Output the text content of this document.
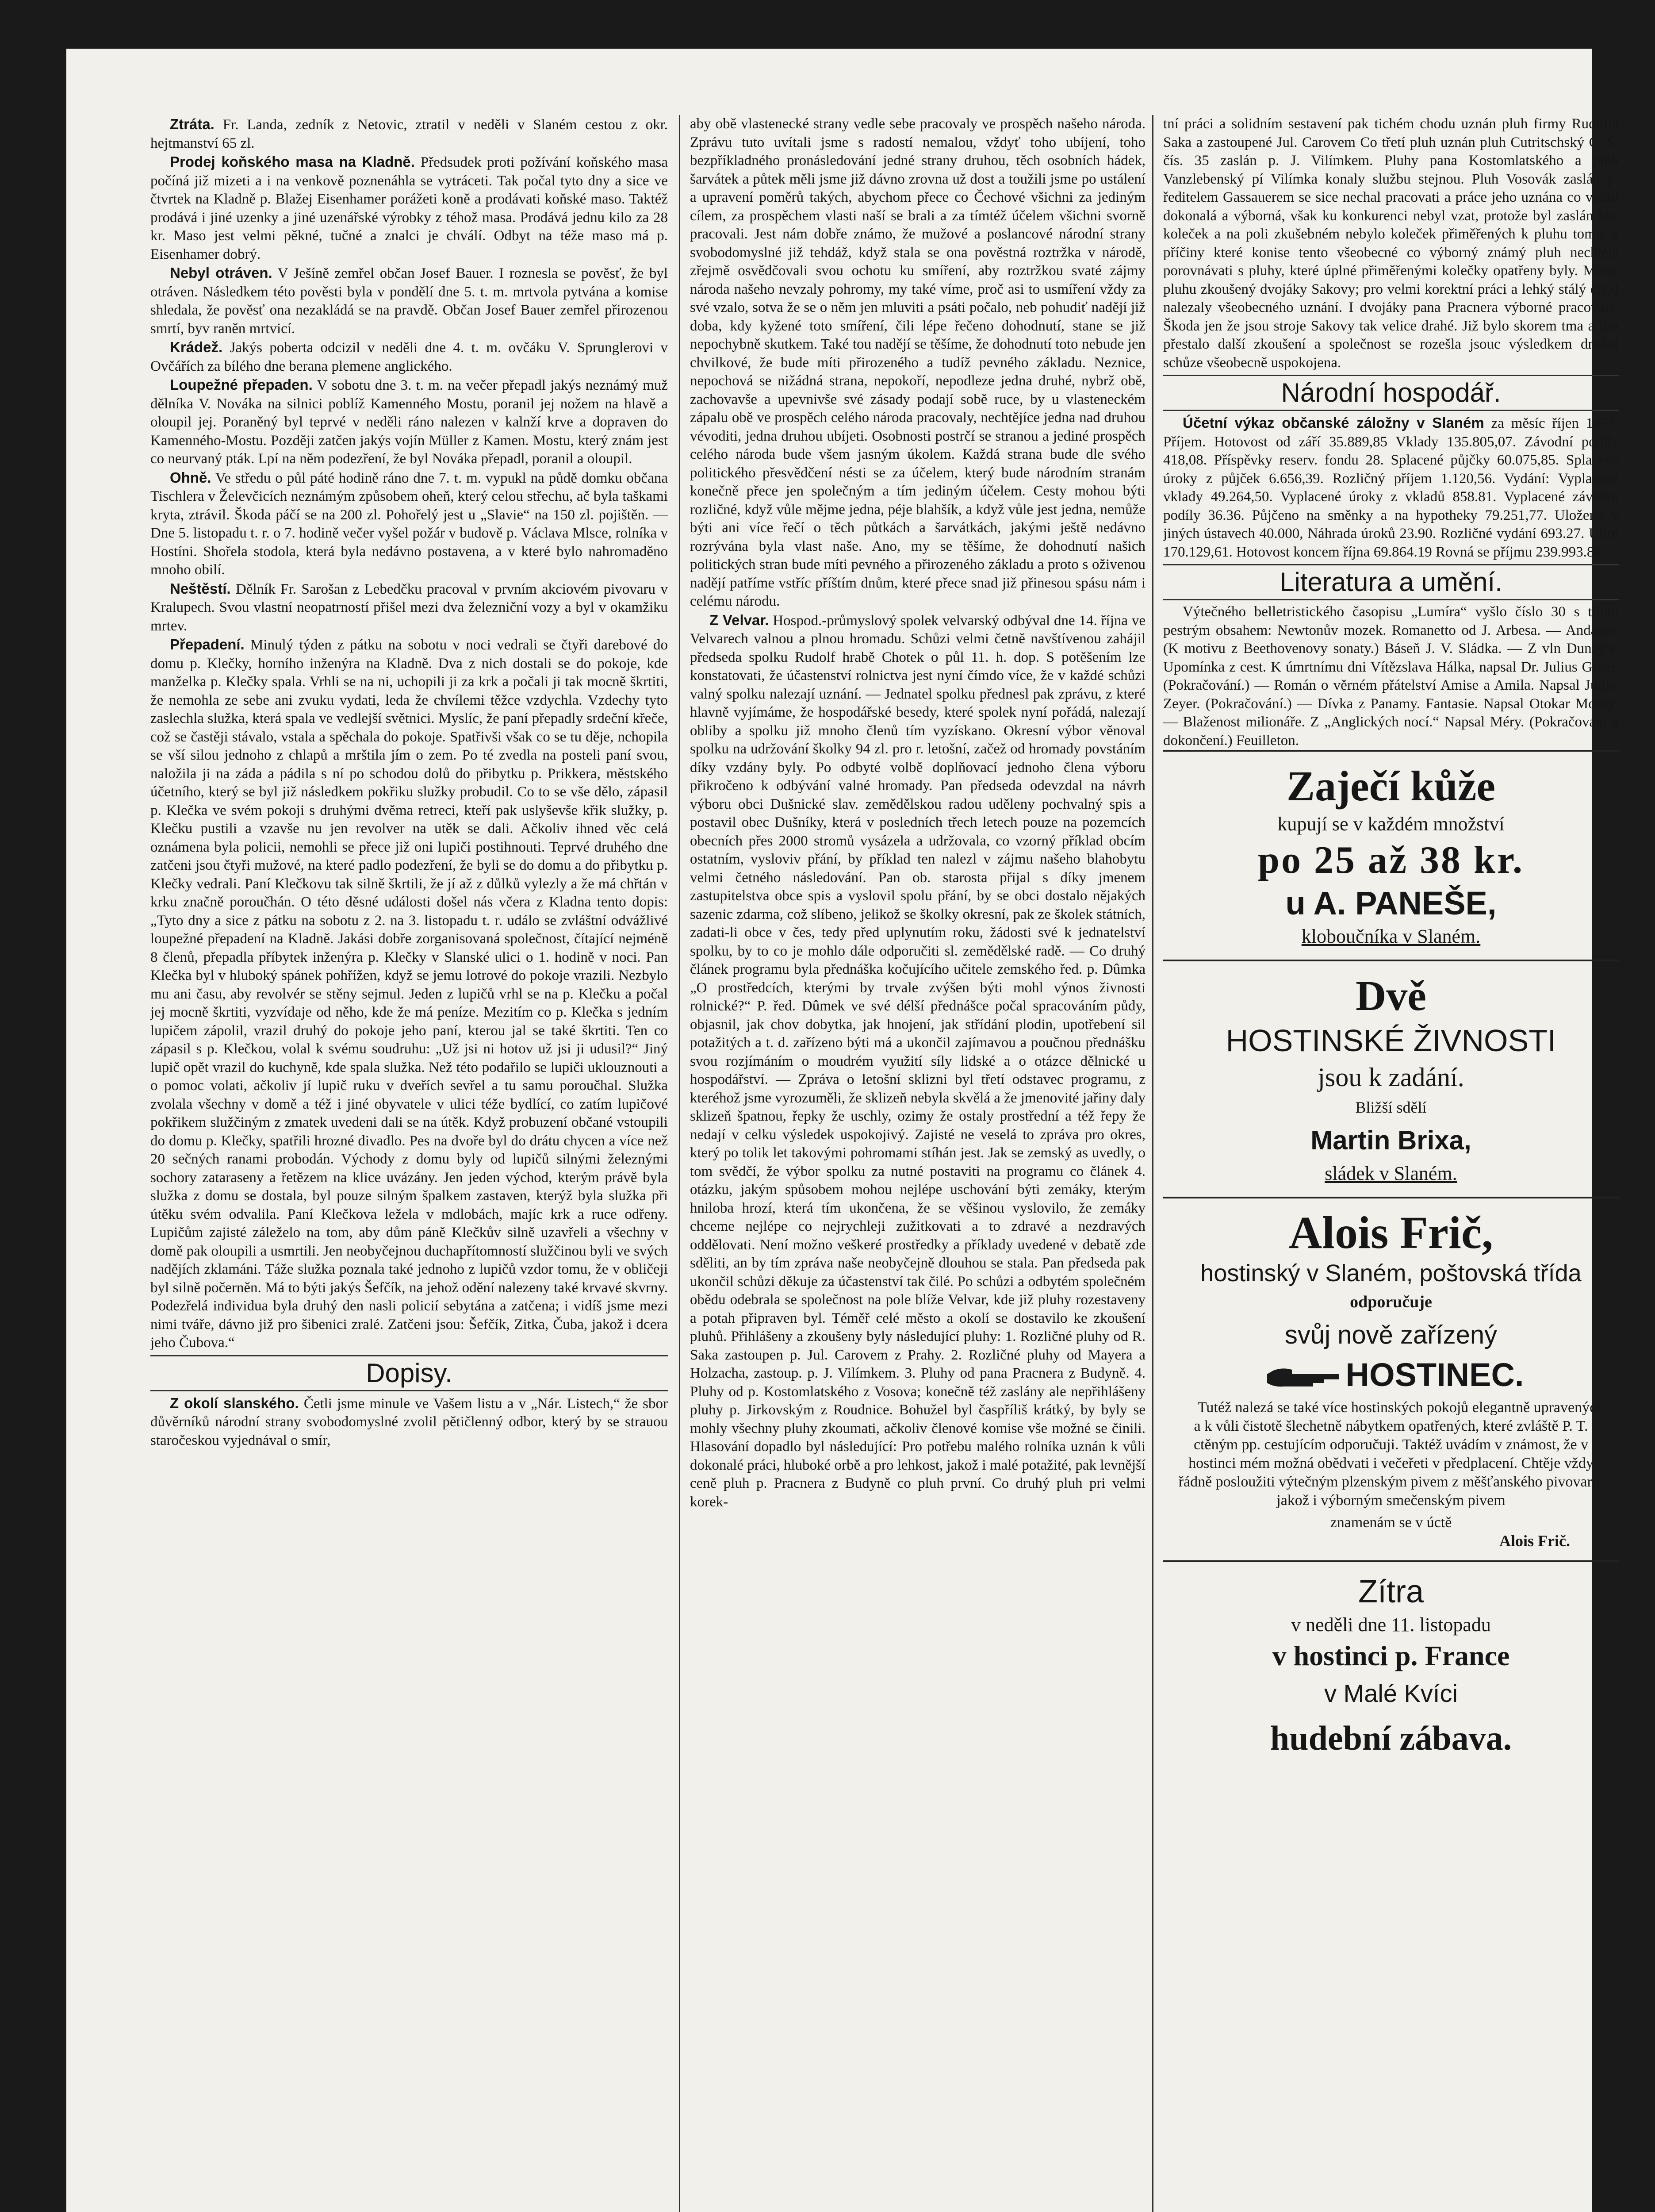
Ztráta. Fr. Landa, zedník z Netovic, ztratil v neděli v Slaném cestou z okr. hejtmanství 65 zl.

Prodej koňského masa na Kladně. Předsudek proti požívání koňského masa počíná již mizeti a i na venkově poznenáhla se vytráceti. Tak počal tyto dny a sice ve čtvrtek na Kladně p. Blažej Eisenhamer porážeti koně a prodávati koňské maso. Taktéž prodává i jiné uzenky a jiné uzenářské výrobky z téhož masa. Prodává jednu kilo za 28 kr. Maso jest velmi pěkné, tučné a znalci je chválí. Odbyt na téže maso má p. Eisenhamer dobrý.

Nebyl otráven. V Ješíně zemřel občan Josef Bauer. I roznesla se pověsť, že byl otráven. Následkem této pověsti byla v pondělí dne 5. t. m. mrtvola pytvána a komise shledala, že pověsť ona nezakládá se na pravdě. Občan Josef Bauer zemřel přirozenou smrtí, byv raněn mrtvicí.

Krádež. Jakýs poberta odcizil v neděli dne 4. t. m. ovčáku V. Sprunglerovi v Ovčářích za bílého dne berana plemene anglického.

Loupežné přepaden. V sobotu dne 3. t. m. na večer přepadl jakýs neznámý muž dělníka V. Nováka na silnici poblíž Kamenného Mostu, poranil jej nožem na hlavě a oloupil jej. Poraněný byl teprvé v neděli ráno nalezen v kalnží krve a dopraven do Kamenného-Mostu. Později zatčen jakýs vojín Müller z Kamen. Mostu, který znám jest co neurvaný pták. Lpí na něm podezření, že byl Nováka přepadl, poranil a oloupil.

Ohně. Ve středu o půl páté hodině ráno dne 7. t. m. vypukl na půdě domku občana Tischlera v Želevčicích neznámým způsobem oheň, který celou střechu, ač byla taškami kryta, ztrávil. Škoda páčí se na 200 zl. Pohořelý jest u „Slavie“ na 150 zl. pojištěn. — Dne 5. listopadu t. r. o 7. hodině večer vyšel požár v budově p. Václava Mlsce, rolníka v Hostíni. Shořela stodola, která byla nedávno postavena, a v které bylo nahromaděno mnoho obilí.

Neštěstí. Dělník Fr. Sarošan z Lebedčku pracoval v prvním akciovém pivovaru v Kralupech. Svou vlastní neopatrností přišel mezi dva železniční vozy a byl v okamžiku mrtev.

Přepadení. Minulý týden z pátku na sobotu v noci vedrali se čtyři darebové do domu p. Klečky, horního inženýra na Kladně. Dva z nich dostali se do pokoje, kde manželka p. Klečky spala. Vrhli se na ni, uchopili ji za krk a počali ji tak mocně škrtiti, že nemohla ze sebe ani zvuku vydati, leda že chvílemi těžce vzdychla. Vzdechy tyto zaslechla služka, která spala ve vedlejší světnici. Myslíc, že paní přepadly srdeční křeče, což se častěji stávalo, vstala a spěchala do pokoje. Spatřivši však co se tu děje, nchopila se vší silou jednoho z chlapů a mrštila jím o zem. Po té zvedla na posteli paní svou, naložila ji na záda a pádila s ní po schodou dolů do přibytku p. Prikkera, městského účetního, který se byl již následkem pokřiku služky probudil. Co to se vše dělo, zápasil p. Klečka ve svém pokoji s druhými dvěma retreci, kteří pak uslyševše křik služky, p. Klečku pustili a vzavše nu jen revolver na utěk se dali. Ačkoliv ihned věc celá oznámena byla policii, nemohli se přece již oni lupiči postihnouti. Teprvé druhého dne zatčeni jsou čtyři mužové, na které padlo podezření, že byli se do domu a do přibytku p. Klečky vedrali. Paní Klečkovu tak silně škrtili, že jí až z důlků vylezly a že má chřtán v krku značně poroučhán. O této děsné události došel nás včera z Kladna tento dopis: „Tyto dny a sice z pátku na sobotu z 2. na 3. listopadu t. r. událo se zvláštní odvážlivé loupežné přepadení na Kladně. Jakási dobře zorganisovaná společnost, čítající nejméně 8 členů, přepadla příbytek inženýra p. Klečky v Slanské ulici o 1. hodině v noci. Pan Klečka byl v hluboký spánek pohřížen, když se jemu lotrové do pokoje vrazili. Nezbylo mu ani času, aby revolvér se stěny sejmul. Jeden z lupičů vrhl se na p. Klečku a počal jej mocně škrtiti, vyzvídaje od něho, kde že má peníze. Mezitím co p. Klečka s jedním lupičem zápolil, vrazil druhý do pokoje jeho paní, kterou jal se také škrtiti. Ten co zápasil s p. Klečkou, volal k svému soudruhu: „Už jsi ni hotov už jsi ji udusil?“ Jiný lupič opět vrazil do kuchyně, kde spala služka. Než této podařilo se lupiči uklouznouti a o pomoc volati, ačkoliv jí lupič ruku v dveřích sevřel a tu samu poroučhal. Služka zvolala všechny v domě a též i jiné obyvatele v ulici téže bydlící, co zatím lupičové pokřikem služčiným z zmatek uvedeni dali se na útěk. Když probuzení občané vstoupili do domu p. Klečky, spatřili hrozné divadlo. Pes na dvoře byl do drátu chycen a více než 20 sečných ranami probodán. Východy z domu byly od lupičů silnými železnými sochory zataraseny a řetězem na klice uvázány. Jen jeden východ, kterým právě byla služka z domu se dostala, byl pouze silným špalkem zastaven, kterýž byla služka při útěku svém odvalila. Paní Klečkova ležela v mdlobách, majíc krk a ruce odřeny. Lupičům zajisté záleželo na tom, aby dům páně Klečkův silně uzavřeli a všechny v domě pak oloupili a usmrtili. Jen neobyčejnou duchapřítomností služčinou byli ve svých nadějích zklamáni. Táže služka poznala také jednoho z lupičů vzdor tomu, že v obličeji byl silně počerněn. Má to býti jakýs Šefčík, na jehož odění nalezeny také krvavé skvrny. Podezřelá individua byla druhý den nasli policií sebytána a zatčena; i vidíš jsme mezi nimi tváře, dávno již pro šibenici zralé. Zatčeni jsou: Šefčík, Zitka, Čuba, jakož i dcera jeho Čubova.“

Dopisy.

Z okolí slanského. Četli jsme minule ve Vašem listu a v „Nár. Listech,“ že sbor důvěrníků národní strany svobodomyslné zvolil pětičlenný odbor, který by se strauou staročeskou vyjednával o smír,

aby obě vlastenecké strany vedle sebe pracovaly ve prospěch našeho národa. Zprávu tuto uvítali jsme s radostí nemalou, vždyť toho ubíjení, toho bezpříkladného pronásledování jedné strany druhou, těch osobních hádek, šarvátek a půtek měli jsme již dávno zrovna už dost a toužili jsme po ustálení a upravení poměrů takých, abychom přece co Čechové všichni za jediným cílem, za prospěchem vlasti naší se brali a za tímtéž účelem všichni svorně pracovali. Jest nám dobře známo, že mužové a poslancové národní strany svobodomyslné již tehdáž, když stala se ona pověstná roztržka v národě, zřejmě osvědčovali svou ochotu ku smíření, aby roztržkou svaté zájmy národa našeho nevzaly pohromy, my také víme, proč asi to usmíření vždy za své vzalo, sotva že se o něm jen mluviti a psáti počalo, neb pohudiť nadějí již doba, kdy kyžené toto smíření, čili lépe řečeno dohodnutí, stane se již nepochybně skutkem. Také tou nadějí se těšíme, že dohodnutí toto nebude jen chvilkové, že bude míti přirozeného a tudíž pevného základu. Neznice, nepochová se nižádná strana, nepokoří, nepodleze jedna druhé, nybrž obě, zachovavše a upevnivše své zásady podají sobě ruce, by u vlasteneckém zápalu obě ve prospěch celého národa pracovaly, nechtějíce jedna nad druhou vévoditi, jedna druhou ubíjeti. Osobnosti postrčí se stranou a jediné prospěch celého národa bude všem jasným úkolem. Každá strana bude dle svého politického přesvědčení nésti se za účelem, který bude národním stranám konečně přece jen společným a tím jediným účelem. Cesty mohou býti rozličné, když vůle mějme jedna, péje blahšík, a když vůle jest jedna, nemůže býti ani více řečí o těch půtkách a šarvátkách, jakými ještě nedávno rozrývána byla vlast naše. Ano, my se těšíme, že dohodnutí našich politických stran bude míti pevného a přirozeného základu a proto s oživenou nadějí patříme vstříc příštím dnům, které přece snad již přinesou spásu nám i celému národu.

Z Velvar. Hospod.-průmyslový spolek velvarský odbýval dne 14. října ve Velvarech valnou a plnou hromadu. Schůzi velmi četně navštívenou zahájil předseda spolku Rudolf hrabě Chotek o půl 11. h. dop. S potěšením lze konstatovati, že účastenství rolnictva jest nyní čímdo více, že v každé schůzi valný spolku nalezají uznání. — Jednatel spolku přednesl pak zprávu, z které hlavně vyjímáme, že hospodářské besedy, které spolek nyní pořádá, nalezají obliby a spolku již mnoho členů tím vyzískano. Okresní výbor věnoval spolku na udržování školky 94 zl. pro r. letošní, začež od hromady povstáním díky vzdány byly. Po odbyté volbě doplňovací jednoho člena výboru přikročeno k odbývání valné hromady. Pan předseda odevzdal na návrh výboru obci Dušnické slav. zemědělskou radou uděleny pochvalný spis a postavil obec Dušníky, která v posledních třech letech pouze na pozemcích obecních přes 2000 stromů vysázela a udržovala, co vzorný příklad obcím ostatním, vysloviv přání, by příklad ten nalezl v zájmu našeho blahobytu velmi četného následování. Pan ob. starosta přijal s díky jmenem zastupitelstva obce spis a vyslovil spolu přání, by se obci dostalo nějakých sazenic zdarma, což slíbeno, jelikož se školky okresní, pak ze školek státních, zadati-li obce v čes, tedy před uplynutím roku, žádosti své k jednatelství spolku, by to co je mohlo dále odporučiti sl. zemědělské radě. — Co druhý článek programu byla přednáška kočujícího učitele zemského řed. p. Dûmka „O prostředcích, kterými by trvale zvýšen býti mohl výnos živnosti rolnické?“ P. řed. Dûmek ve své délší přednášce počal spracováním půdy, objasnil, jak chov dobytka, jak hnojení, jak střídání plodin, upotřebení sil potažitých a t. d. zařízeno býti má a ukončil zajímavou a poučnou přednášku svou rozjímáním o moudrém využití síly lidské a o otázce dělnické u hospodářství. — Zpráva o letošní sklizni byl třetí odstavec programu, z kteréhož jsme vyrozuměli, že sklizeň nebyla skvělá a že jmenovité jařiny daly sklizeň špatnou, řepky že uschly, ozimy že ostaly prostřední a též řepy že nedají v celku výsledek uspokojivý. Zajisté ne veselá to zpráva pro okres, který po tolik let takovými pohromami stíhán jest. Jak se zemský as uvedly, o tom svědčí, že výbor spolku za nutné postaviti na programu co článek 4. otázku, jakým spůsobem mohou nejlépe uschování býti zemáky, kterým hniloba hrozí, která tím ukončena, že se věšinou vyslovilo, že zemáky chceme nejlépe co nejrychleji zužitkovati a to zdravé a nezdravých oddělovati. Není možno veškeré prostředky a příklady uvedené v debatě zde sděliti, an by tím zpráva naše neobyčejně dlouhou se stala. Pan předseda pak ukončil schůzi děkuje za účastenství tak čilé. Po schůzi a odbytém společném obědu odebrala se společnost na pole blíže Velvar, kde již pluhy rozestaveny a potah připraven byl. Téměř celé město a okolí se dostavilo ke zkoušení pluhů. Přihlášeny a zkoušeny byly následující pluhy: 1. Rozličné pluhy od R. Saka zastoupen p. Jul. Carovem z Prahy. 2. Rozličné pluhy od Mayera a Holzacha, zastoup. p. J. Vilímkem. 3. Pluhy od pana Pracnera z Budyně. 4. Pluhy od p. Kostomlatského z Vosova; konečně též zaslány ale nepřihlášeny pluhy p. Jirkovským z Roudnice. Bohužel byl časpříliš krátký, by byly se mohly všechny pluhy zkoumati, ačkoliv členové komise vše možné se činili. Hlasování dopadlo byl následující: Pro potřebu malého rolníka uznán k vůli dokonalé práci, hluboké orbě a pro lehkost, jakož i malé potažité, pak levnější ceně pluh p. Pracnera z Budyně co pluh první. Co druhý pluh pri velmi korek-

tní práci a solidním sestavení pak tichém chodu uznán pluh firmy Rudolfa Saka a zastoupené Jul. Carovem Co třetí pluh uznán pluh Cutritschský C. S. čís. 35 zaslán p. J. Vilímkem. Pluhy pana Kostomlatského a pluh Vanzlebenský pí Vilímka konaly službu stejnou. Pluh Vosovák zaslán p. ředitelem Gassauerem se sice nechal pracovati a práce jeho uznána co velmi dokonalá a výborná, však ku konkurenci nebyl vzat, protože byl zaslán bez koleček a na poli zkušebném nebylo koleček přiměřených k pluhu tomu, z příčiny které konise tento všeobecné co výborný známý pluh nechtěla porovnávati s pluhy, které úplné přiměřenými kolečky opatřeny byly. Mimo pluhu zkoušený dvojáky Sakovy; pro velmi korektní práci a lehký stálý chod nalezaly všeobecného uznání. I dvojáky pana Pracnera výborné pracovaly. Škoda jen že jsou stroje Sakovy tak velice drahé. Již bylo skorem tma a tím přestalo další zkoušení a společnost se rozešla jsouc výsledkem dnešní schůze všeobecně uspokojena.

Národní hospodář.

Účetní výkaz občanské záložny v Slaném za měsíc říjen 1877. Příjem. Hotovost od září 35.889,85 Vklady 135.805,07. Závodní podíly 418,08. Příspěvky reserv. fondu 28. Splacené půjčky 60.075,85. Splacené úroky z půjček 6.656,39. Rozličný příjem 1.120,56. Vydání: Vyplacené vklady 49.264,50. Vyplacené úroky z vkladů 858.81. Vyplacené závodní podíly 36.36. Půjčeno na směnky a na hypotheky 79.251,77. Uloženo v jiných ústavech 40.000, Náhrada úroků 23.90. Rozličné vydání 693.27. Úhrn 170.129,61. Hotovost koncem října 69.864.19 Rovná se příjmu 239.993.80.

Literatura a umění.

Výtečného belletristického časopisu „Lumíra“ vyšlo číslo 30 s tímto pestrým obsahem: Newtonův mozek. Romanetto od J. Arbesa. — Andante. (K motivu z Beethovenovy sonaty.) Báseň J. V. Sládka. — Z vln Dunajce. Upomínka z cest. K úmrtnímu dni Vítězslava Hálka, napsal Dr. Julius Grégr. (Pokračování.) — Román o věrném přátelství Amise a Amila. Napsal Julius Zeyer. (Pokračování.) — Dívka z Panamy. Fantasie. Napsal Otokar Mokrý. — Blaženost milionáře. Z „Anglických nocí.“ Napsal Méry. (Pokračování a dokončení.) Feuilleton.

Zaječí kůže
kupují se v každém množství
po 25 až 38 kr.
u A. PANEŠE,
kloboučníka v Slaném.
Dvě
HOSTINSKÉ ŽIVNOSTI
jsou k zadání.
Bližší sdělí
Martin Brixa,
sládek v Slaném.
Alois Frič,
hostinský v Slaném, poštovská třída
odporučuje
svůj nově zařízený
HOSTINEC.

Tutéž nalezá se také více hostinských pokojů elegantně upravených a k vůli čistotě šlechetně nábytkem opatřených, které zvláště P. T. ctěným pp. cestujícím odporučuji. Taktéž uvádím v známost, že v hostinci mém možná obědvati i večeřeti v předplacení. Chtěje vždy řádně posloužiti výtečným plzenským pivem z měšťanského pivovaru, jakož i výborným smečenským pivem

znamenám se v úctě
Alois Frič.
Zítra
v neděli dne 11. listopadu
v hostinci p. France
v Malé Kvíci
hudební zábava.
